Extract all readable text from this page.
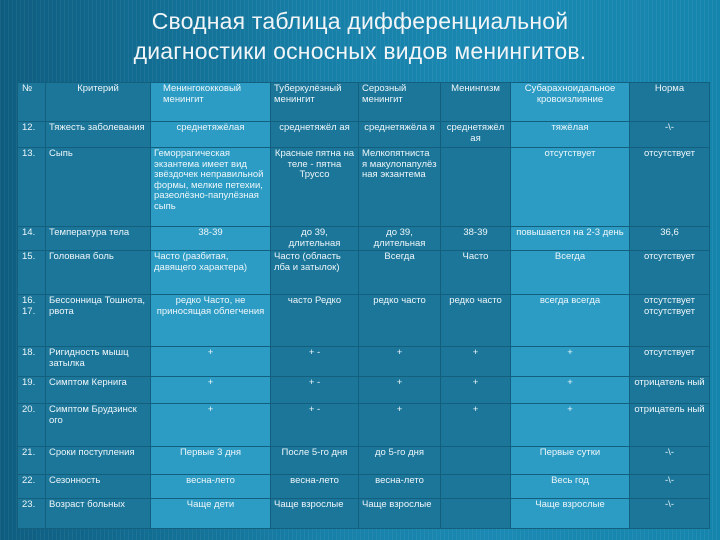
Сводная таблица дифференциальной
диагностики осносных видов менингитов.
№	Критерий	Менингококковый менингит	Туберкулёзный менингит	Серозный менингит	Менингизм	Субарахноидальное кровоизлияние	Норма
12.	Тяжесть заболевания	среднетяжёлая	среднетяжёл ая	среднетяжёла я	среднетяжёл ая	тяжёлая	-\-
13.	Сыпь	Геморрагическая экзантема имеет вид звёздочек неправильной формы, мелкие петехии, разеолёзно-папулёзная сыпь	Красные пятна на теле - пятна Труссо	Мелкопятниста я макулопапулёз ная экзантема		отсутствует	отсутствует
14.	Температура тела	38-39	до 39, длительная	до 39, длительная	38-39	повышается на 2-3 день	36,6
15.	Головная боль	Часто (разбитая, давящего характера)	Часто (область лба и затылок)	Всегда	Часто	Всегда	отсутствует
16. 17.	Бессонница Тошнота, рвота	редко Часто, не приносящая облегчения	часто Редко	редко часто	редко часто	всегда всегда	отсутствует отсутствует
18.	Ригидность мышц затылка	+	+ -	+	+	+	отсутствует
19.	Симптом Кернига	+	+ -	+	+	+	отрицатель ный
20.	Симптом Брудзинск ого	+	+ -	+	+	+	отрицатель ный
21.	Сроки поступления	Первые 3 дня	После 5-го дня	до 5-го дня		Первые сутки	-\-
22.	Сезонность	весна-лето	весна-лето	весна-лето		Весь год	-\-
23.	Возраст больных	Чаще дети	Чаще взрослые	Чаще взрослые		Чаще взрослые	-\-
